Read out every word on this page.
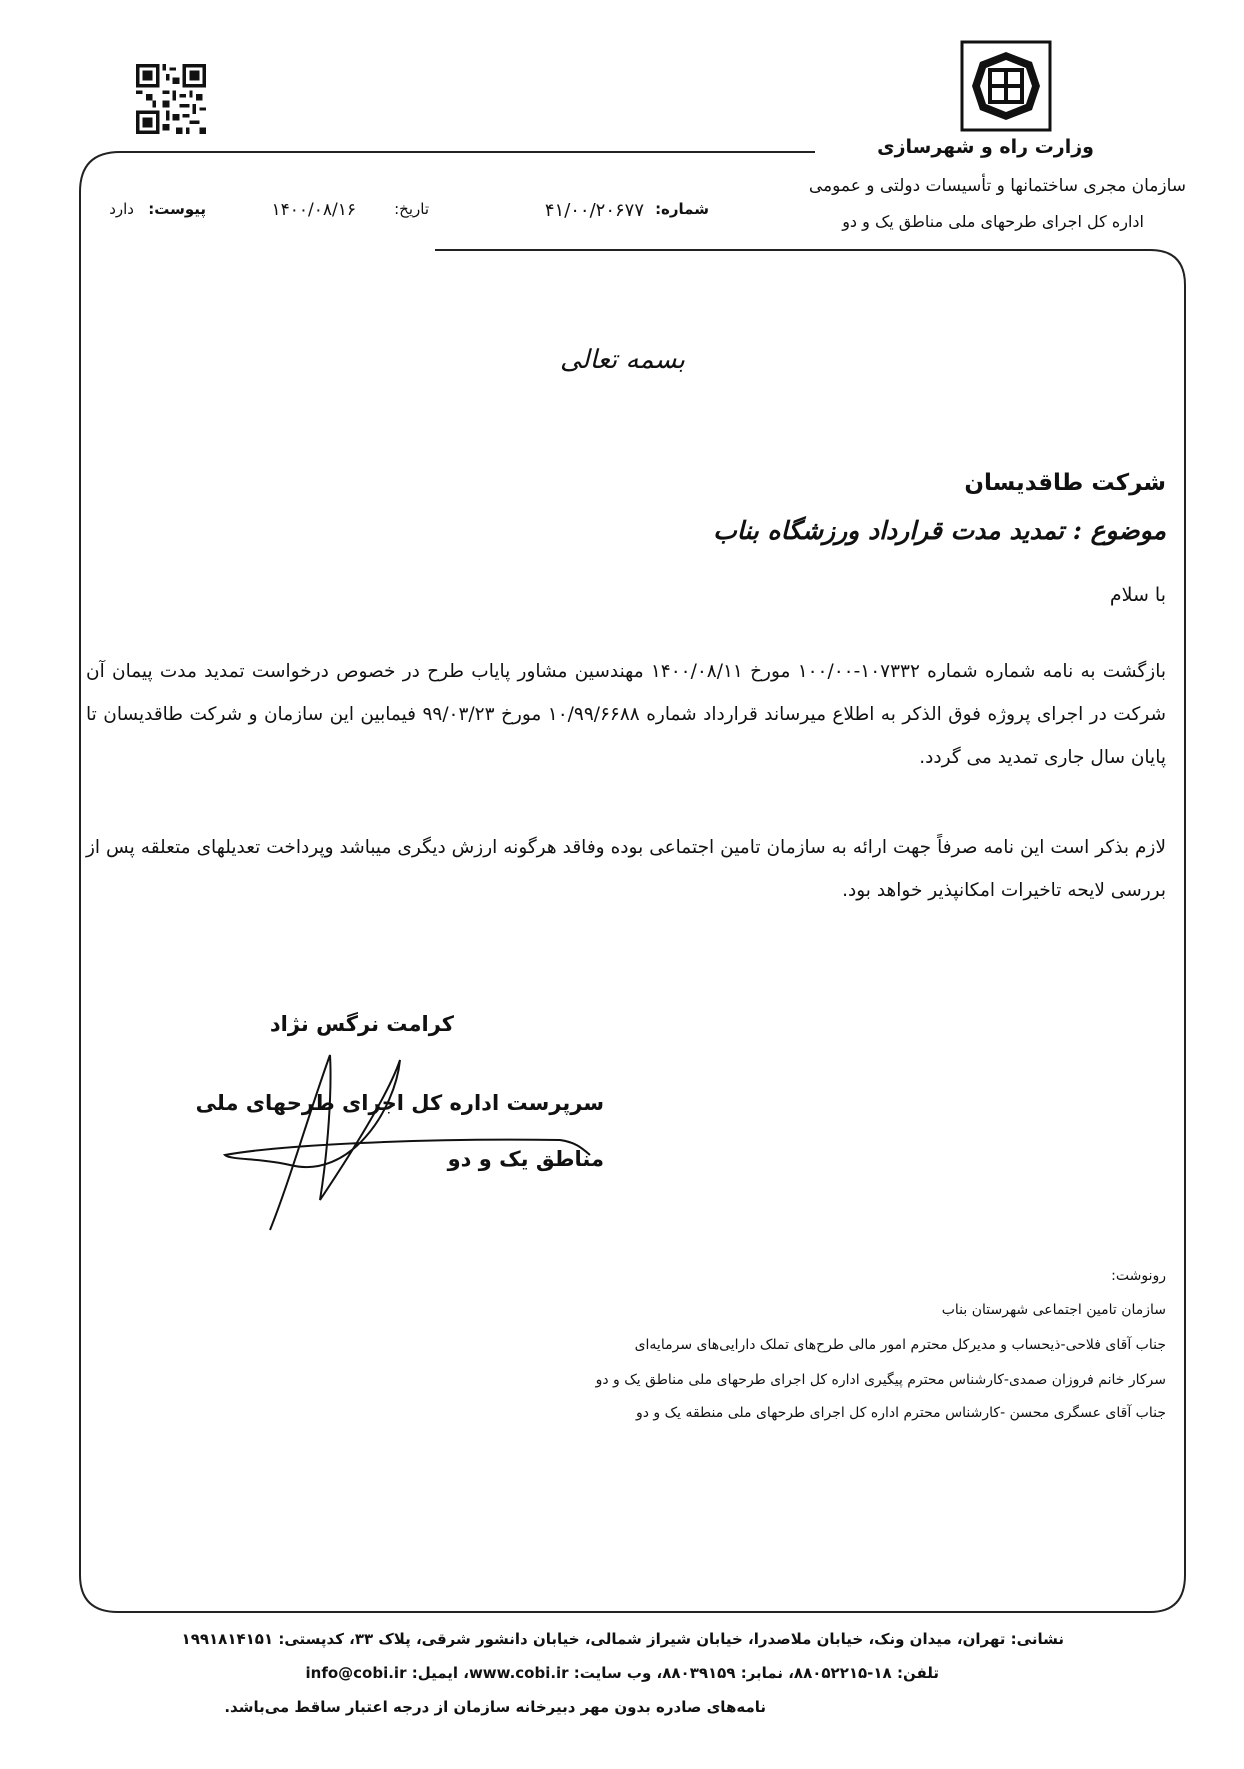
وزارت راه و شهرسازی
سازمان مجری ساختمانها و تأسیسات دولتی و عمومی
اداره کل اجرای طرحهای ملی مناطق یک و دو
شماره:
۴۱/۰۰/۲۰۶۷۷
تاریخ:
۱۴۰۰/۰۸/۱۶
پیوست:
دارد
بسمه تعالی
شرکت طاقدیسان
موضوع : تمدید مدت قرارداد ورزشگاه بناب
با سلام
بازگشت به نامه شماره شماره ۱۰۷۳۳۲-۱۰۰/۰۰ مورخ ۱۴۰۰/۰۸/۱۱ مهندسین مشاور پایاب طرح در خصوص درخواست تمدید مدت پیمان آن شرکت در اجرای پروژه فوق الذکر به اطلاع میرساند قرارداد شماره ۱۰/۹۹/۶۶۸۸ مورخ ۹۹/۰۳/۲۳ فیمابین این سازمان و شرکت طاقدیسان تا پایان سال جاری تمدید می گردد.
لازم بذکر است این نامه صرفاً جهت ارائه به سازمان تامین اجتماعی بوده وفاقد هرگونه ارزش دیگری میباشد وپرداخت تعدیلهای متعلقه پس از بررسی لایحه تاخیرات امکانپذیر خواهد بود.
کرامت نرگس نژاد
سرپرست اداره کل اجرای طرحهای ملی مناطق یک و دو
رونوشت:
سازمان تامین اجتماعی شهرستان بناب
جناب آقای فلاحی-ذیحساب و مدیرکل محترم امور مالی طرح‌های تملک دارایی‌های سرمایه‌ای
سرکار خانم فروزان صمدی-کارشناس محترم پیگیری اداره کل اجرای طرحهای ملی مناطق یک و دو
جناب آقای عسگری محسن -کارشناس محترم اداره کل اجرای طرحهای ملی منطقه یک و دو
نشانی: تهران، میدان ونک، خیابان ملاصدرا، خیابان شیراز شمالی، خیابان دانشور شرقی، پلاک ۳۳، کدپستی: ۱۹۹۱۸۱۴۱۵۱
تلفن: ۱۸-۸۸۰۵۲۲۱۵، نمابر: ۸۸۰۳۹۱۵۹، وب سایت: www.cobi.ir، ایمیل: info@cobi.ir
نامه‌های صادره بدون مهر دبیرخانه سازمان از درجه اعتبار ساقط می‌باشد.
